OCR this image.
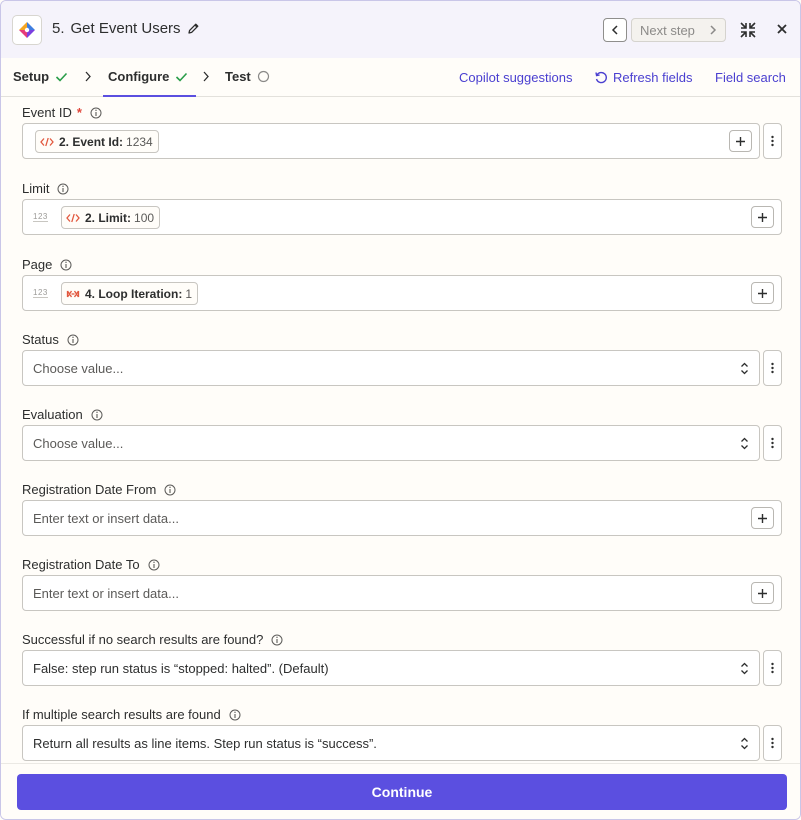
5. Get Event Users	Next step
Setup	Configure	Test	Copilot suggestions	Refresh fields Field search
Event ID *
2. Event Id: 1234
Limit
123	2. Limit: 100
Page
123	4. Loop Iteration: 1
Status
Choose value...
Evaluation
Choose value...
Registration Date From
Enter text or insert data...
Registration Date To
Enter text or insert data...
Successful if no search results are found?
False: step run status is “stopped: halted”. (Default)
If multiple search results are found
Return all results as line items. Step run status is “success”.
Continue
